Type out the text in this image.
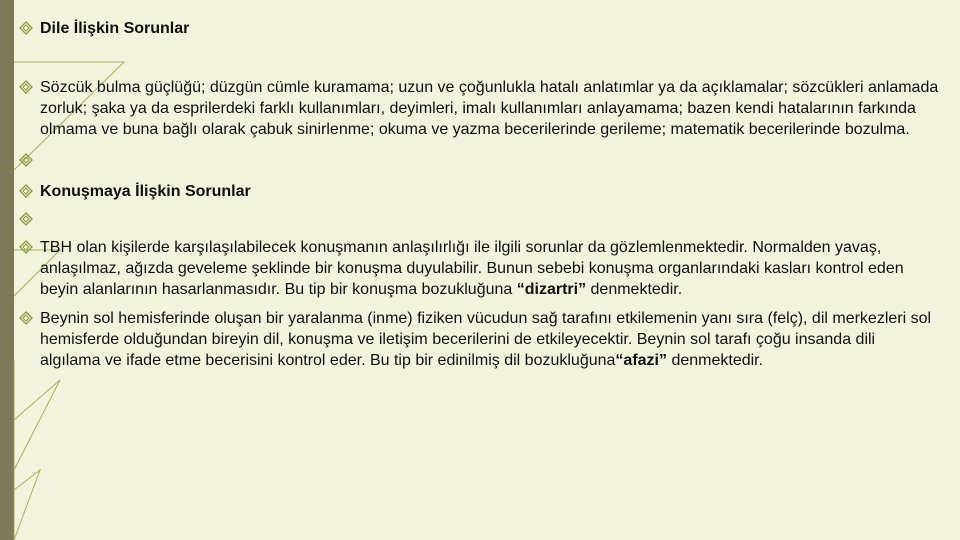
Dile İlişkin Sorunlar
Sözcük bulma güçlüğü; düzgün cümle kuramama; uzun ve çoğunlukla hatalı anlatımlar ya da açıklamalar; sözcükleri anlamada zorluk; şaka ya da esprilerdeki farklı kullanımları, deyimleri, imalı kullanımları anlayamama; bazen kendi hatalarının farkında olmama ve buna bağlı olarak çabuk sinirlenme; okuma ve yazma becerilerinde gerileme; matematik becerilerinde bozulma.
Konuşmaya İlişkin Sorunlar
TBH olan kişilerde karşılaşılabilecek konuşmanın anlaşılırlığı ile ilgili sorunlar da gözlemlenmektedir. Normalden yavaş, anlaşılmaz, ağızda geveleme şeklinde bir konuşma duyulabilir. Bunun sebebi konuşma organlarındaki kasları kontrol eden beyin alanlarının hasarlanmasıdır. Bu tip bir konuşma bozukluğuna “dizartri” denmektedir.
Beynin sol hemisferinde oluşan bir yaralanma (inme) fiziken vücudun sağ tarafını etkilemenin yanı sıra (felç), dil merkezleri sol hemisferde olduğundan bireyin dil, konuşma ve iletişim becerilerini de etkileyecektir. Beynin sol tarafı çoğu insanda dili algılama ve ifade etme becerisini kontrol eder. Bu tip bir edinilmiş dil bozukluğuna“afazi” denmektedir.
